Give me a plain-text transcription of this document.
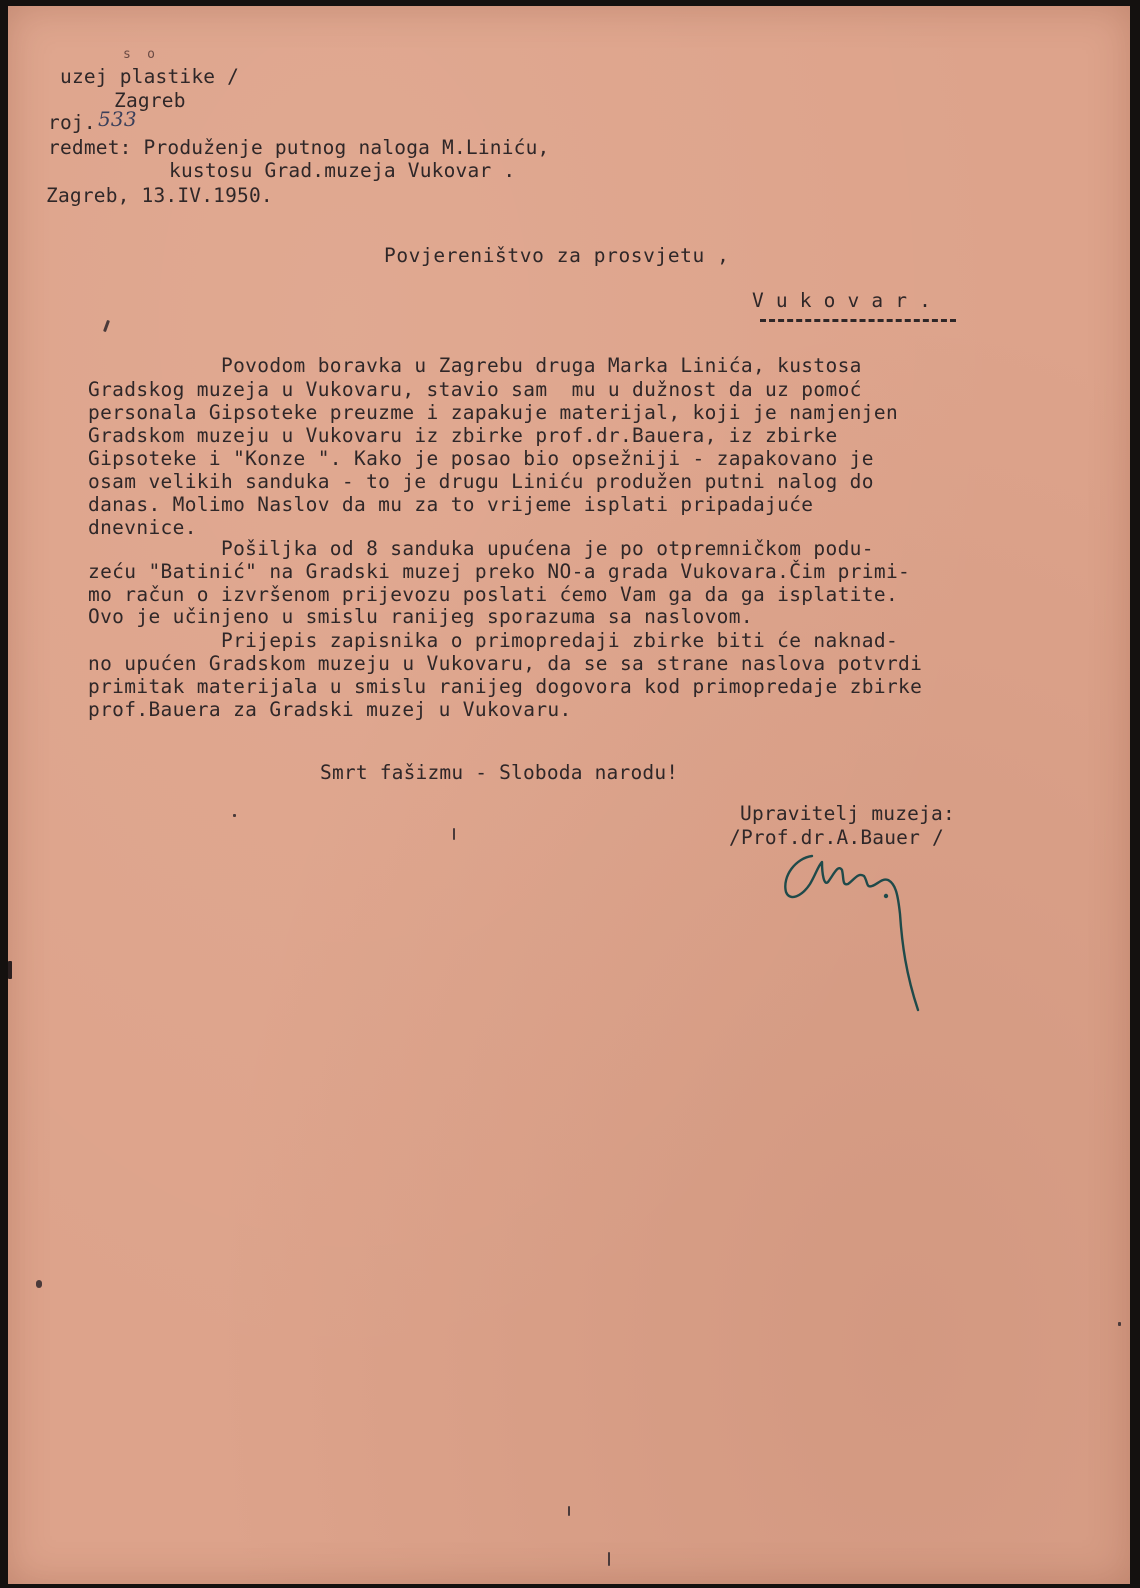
s  o
uzej plastike /
Zagreb
roj. 533
redmet: Produženje putnog naloga M.Liniću,
kustosu Grad.muzeja Vukovar .
Zagreb, 13.IV.1950.
Povjereništvo za prosvjetu ,
V u k o v a r .
Povodom boravka u Zagrebu druga Marka Linića, kustosa
Gradskog muzeja u Vukovaru, stavio sam  mu u dužnost da uz pomoć
personala Gipsoteke preuzme i zapakuje materijal, koji je namjenjen
Gradskom muzeju u Vukovaru iz zbirke prof.dr.Bauera, iz zbirke
Gipsoteke i "Konze ". Kako je posao bio opsežniji - zapakovano je
osam velikih sanduka - to je drugu Liniću produžen putni nalog do
danas. Molimo Naslov da mu za to vrijeme isplati pripadajuće
dnevnice.
Pošiljka od 8 sanduka upućena je po otpremničkom podu-
zeću "Batinić" na Gradski muzej preko NO-a grada Vukovara.Čim primi-
mo račun o izvršenom prijevozu poslati ćemo Vam ga da ga isplatite.
Ovo je učinjeno u smislu ranijeg sporazuma sa naslovom.
Prijepis zapisnika o primopredaji zbirke biti će naknad-
no upućen Gradskom muzeju u Vukovaru, da se sa strane naslova potvrdi
primitak materijala u smislu ranijeg dogovora kod primopredaje zbirke
prof.Bauera za Gradski muzej u Vukovaru.
Smrt fašizmu - Sloboda narodu!
Upravitelj muzeja:
/Prof.dr.A.Bauer /
